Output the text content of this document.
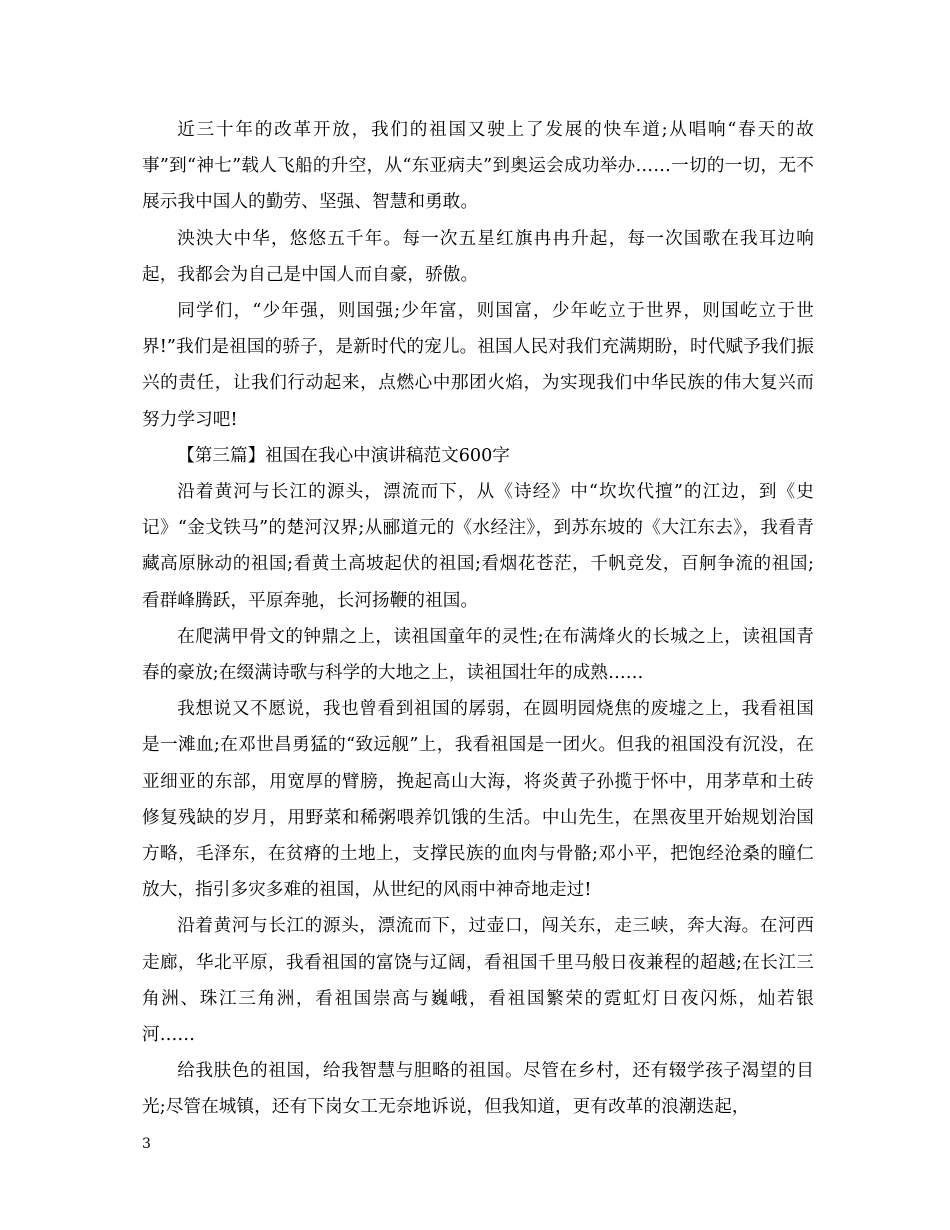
近三十年的改革开放，我们的祖国又驶上了发展的快车道;从唱响“春天的故事”到“神七”载人飞船的升空，从“东亚病夫”到奥运会成功举办……一切的一切，无不展示我中国人的勤劳、坚强、智慧和勇敢。

泱泱大中华，悠悠五千年。每一次五星红旗冉冉升起，每一次国歌在我耳边响起，我都会为自己是中国人而自豪，骄傲。

同学们，“少年强，则国强;少年富，则国富，少年屹立于世界，则国屹立于世界!”我们是祖国的骄子，是新时代的宠儿。祖国人民对我们充满期盼，时代赋予我们振兴的责任，让我们行动起来，点燃心中那团火焰，为实现我们中华民族的伟大复兴而努力学习吧!

【第三篇】祖国在我心中演讲稿范文600字

沿着黄河与长江的源头，漂流而下，从《诗经》中“坎坎代擅”的江边，到《史记》“金戈铁马”的楚河汉界;从郦道元的《水经注》，到苏东坡的《大江东去》，我看青藏高原脉动的祖国;看黄土高坡起伏的祖国;看烟花苍茫，千帆竞发，百舸争流的祖国;看群峰腾跃，平原奔驰，长河扬鞭的祖国。

在爬满甲骨文的钟鼎之上，读祖国童年的灵性;在布满烽火的长城之上，读祖国青春的豪放;在缀满诗歌与科学的大地之上，读祖国壮年的成熟……

我想说又不愿说，我也曾看到祖国的孱弱，在圆明园烧焦的废墟之上，我看祖国是一滩血;在邓世昌勇猛的“致远舰”上，我看祖国是一团火。但我的祖国没有沉没，在亚细亚的东部，用宽厚的臂膀，挽起高山大海，将炎黄子孙揽于怀中，用茅草和土砖修复残缺的岁月，用野菜和稀粥喂养饥饿的生活。中山先生，在黑夜里开始规划治国方略，毛泽东，在贫瘠的土地上，支撑民族的血肉与骨骼;邓小平，把饱经沧桑的瞳仁放大，指引多灾多难的祖国，从世纪的风雨中神奇地走过!

沿着黄河与长江的源头，漂流而下，过壶口，闯关东，走三峡，奔大海。在河西走廊，华北平原，我看祖国的富饶与辽阔，看祖国千里马般日夜兼程的超越;在长江三角洲、珠江三角洲，看祖国崇高与巍峨，看祖国繁荣的霓虹灯日夜闪烁，灿若银河……

给我肤色的祖国，给我智慧与胆略的祖国。尽管在乡村，还有辍学孩子渴望的目光;尽管在城镇，还有下岗女工无奈地诉说，但我知道，更有改革的浪潮迭起，

3
